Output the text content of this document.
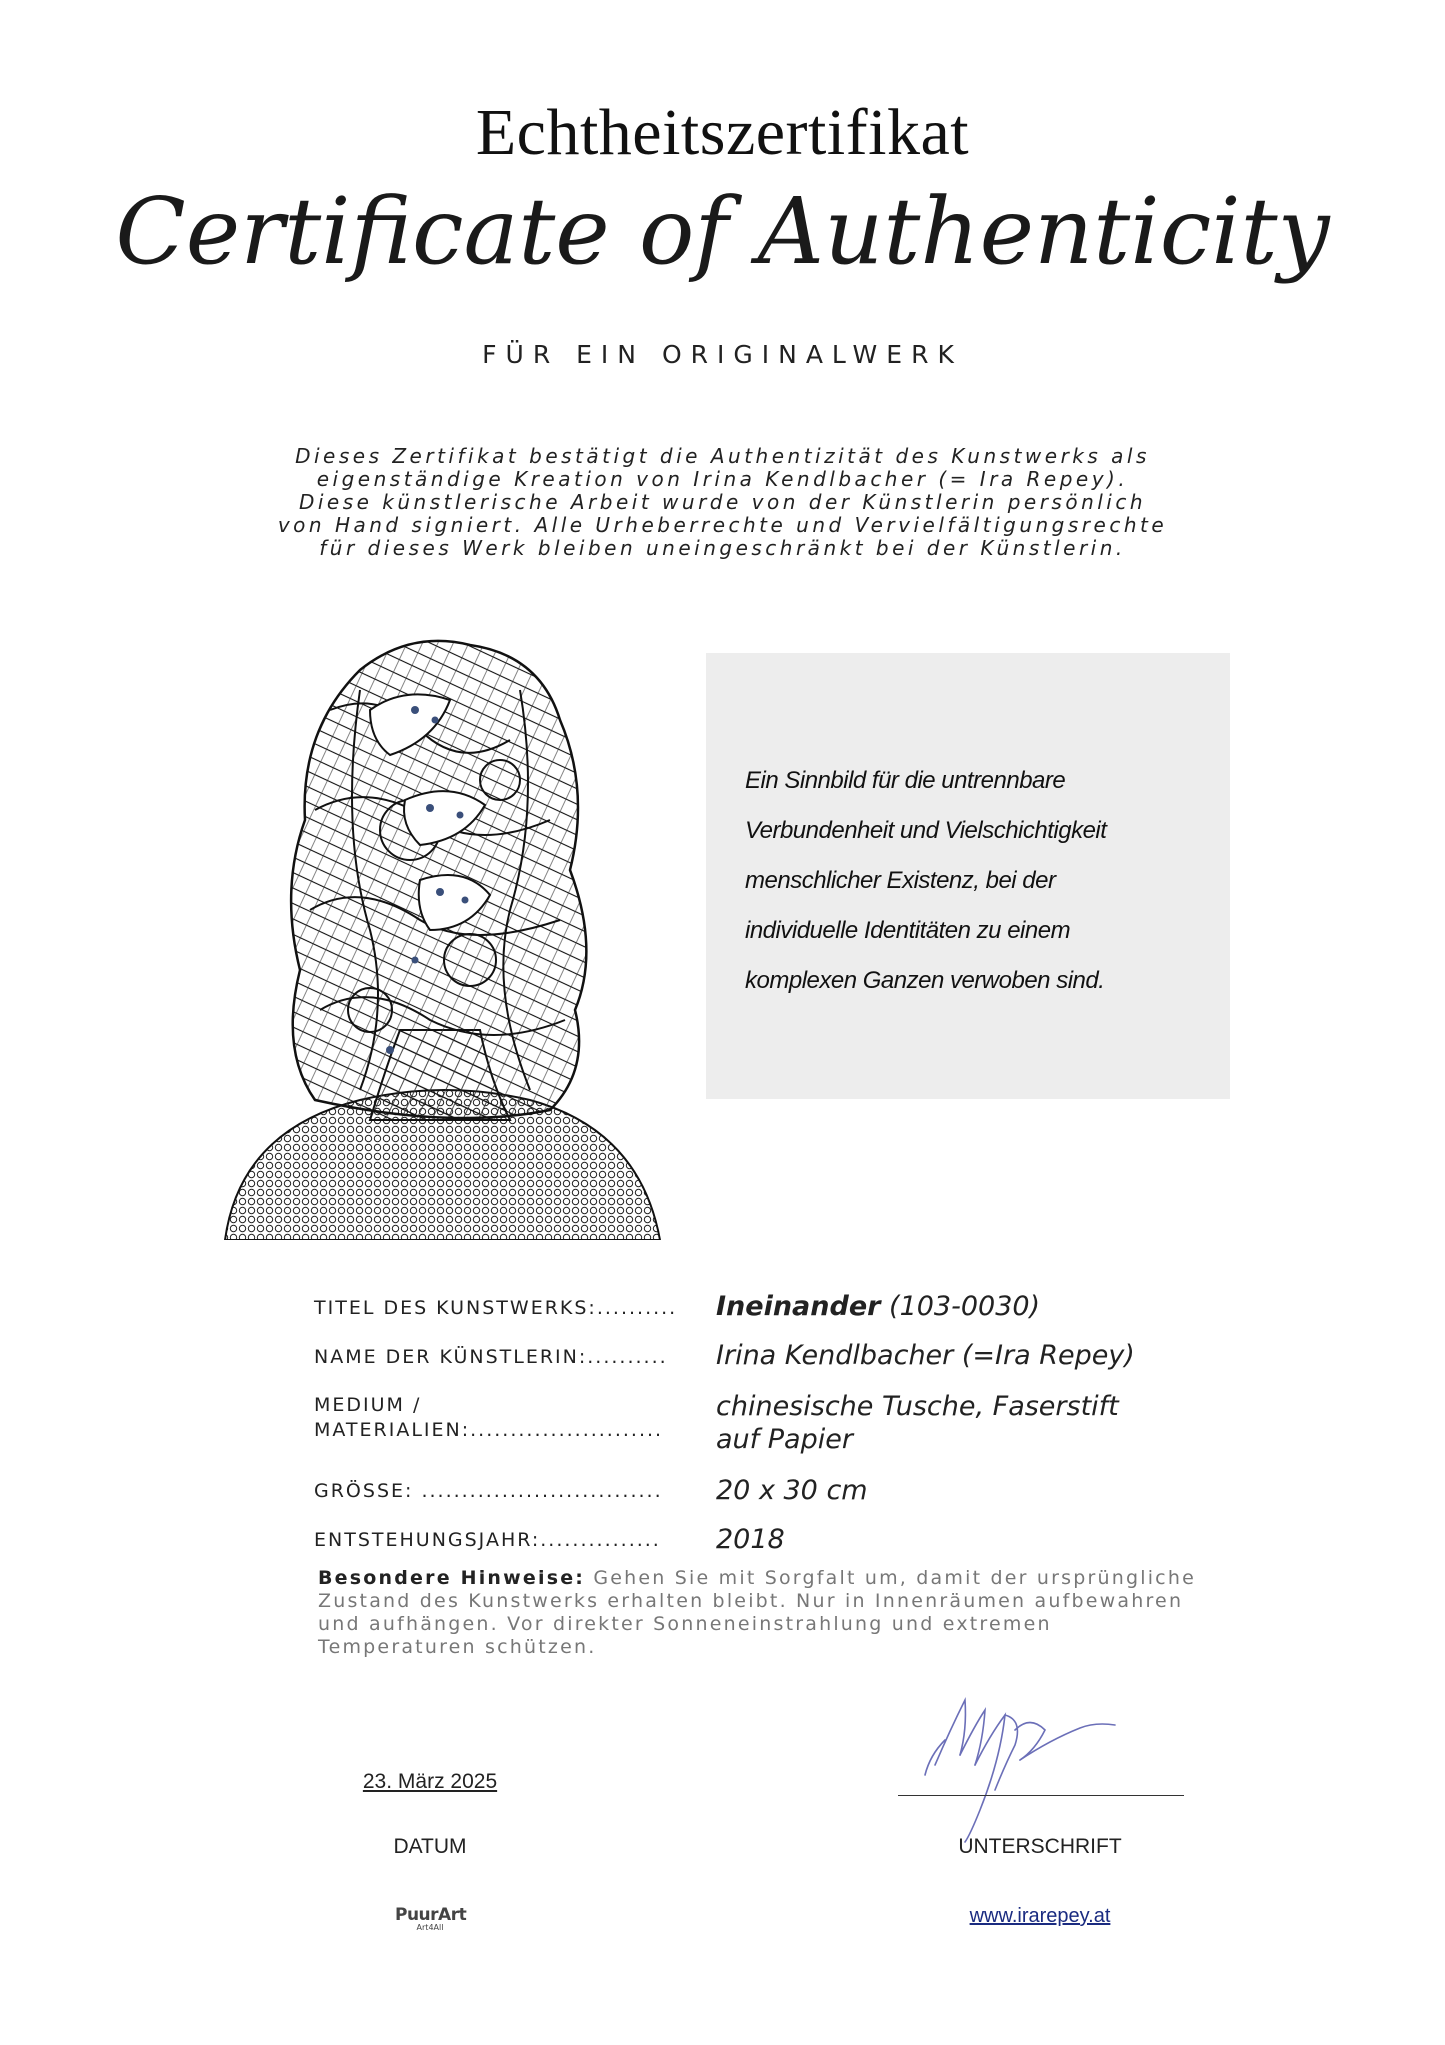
Echtheitszertifikat
Certificate of Authenticity
FÜR EIN ORIGINALWERK
Dieses Zertifikat bestätigt die Authentizität des Kunstwerks als
eigenständige Kreation von Irina Kendlbacher (= Ira Repey).
Diese künstlerische Arbeit wurde von der Künstlerin persönlich
von Hand signiert. Alle Urheberrechte und Vervielfältigungsrechte
für dieses Werk bleiben uneingeschränkt bei der Künstlerin.
Ein Sinnbild für die untrennbare
Verbundenheit und Vielschichtigkeit
menschlicher Existenz, bei der
individuelle Identitäten zu einem
komplexen Ganzen verwoben sind.
TITEL DES KUNSTWERKS:.......... Ineinander (103-0030)
NAME DER KÜNSTLERIN:.......... Irina Kendlbacher (=Ira Repey)
MEDIUM /
MATERIALIEN:........................
chinesische Tusche, Faserstift
auf Papier
GRÖSSE: .............................. 20 x 30 cm
ENTSTEHUNGSJAHR:............... 2018
Besondere Hinweise: Gehen Sie mit Sorgfalt um, damit der ursprüngliche
Zustand des Kunstwerks erhalten bleibt. Nur in Innenräumen aufbewahren
und aufhängen. Vor direkter Sonneneinstrahlung und extremen
Temperaturen schützen.
23. März 2025
DATUM	UNTERSCHRIFT
PuurArt
Art4All
www.irarepey.at
